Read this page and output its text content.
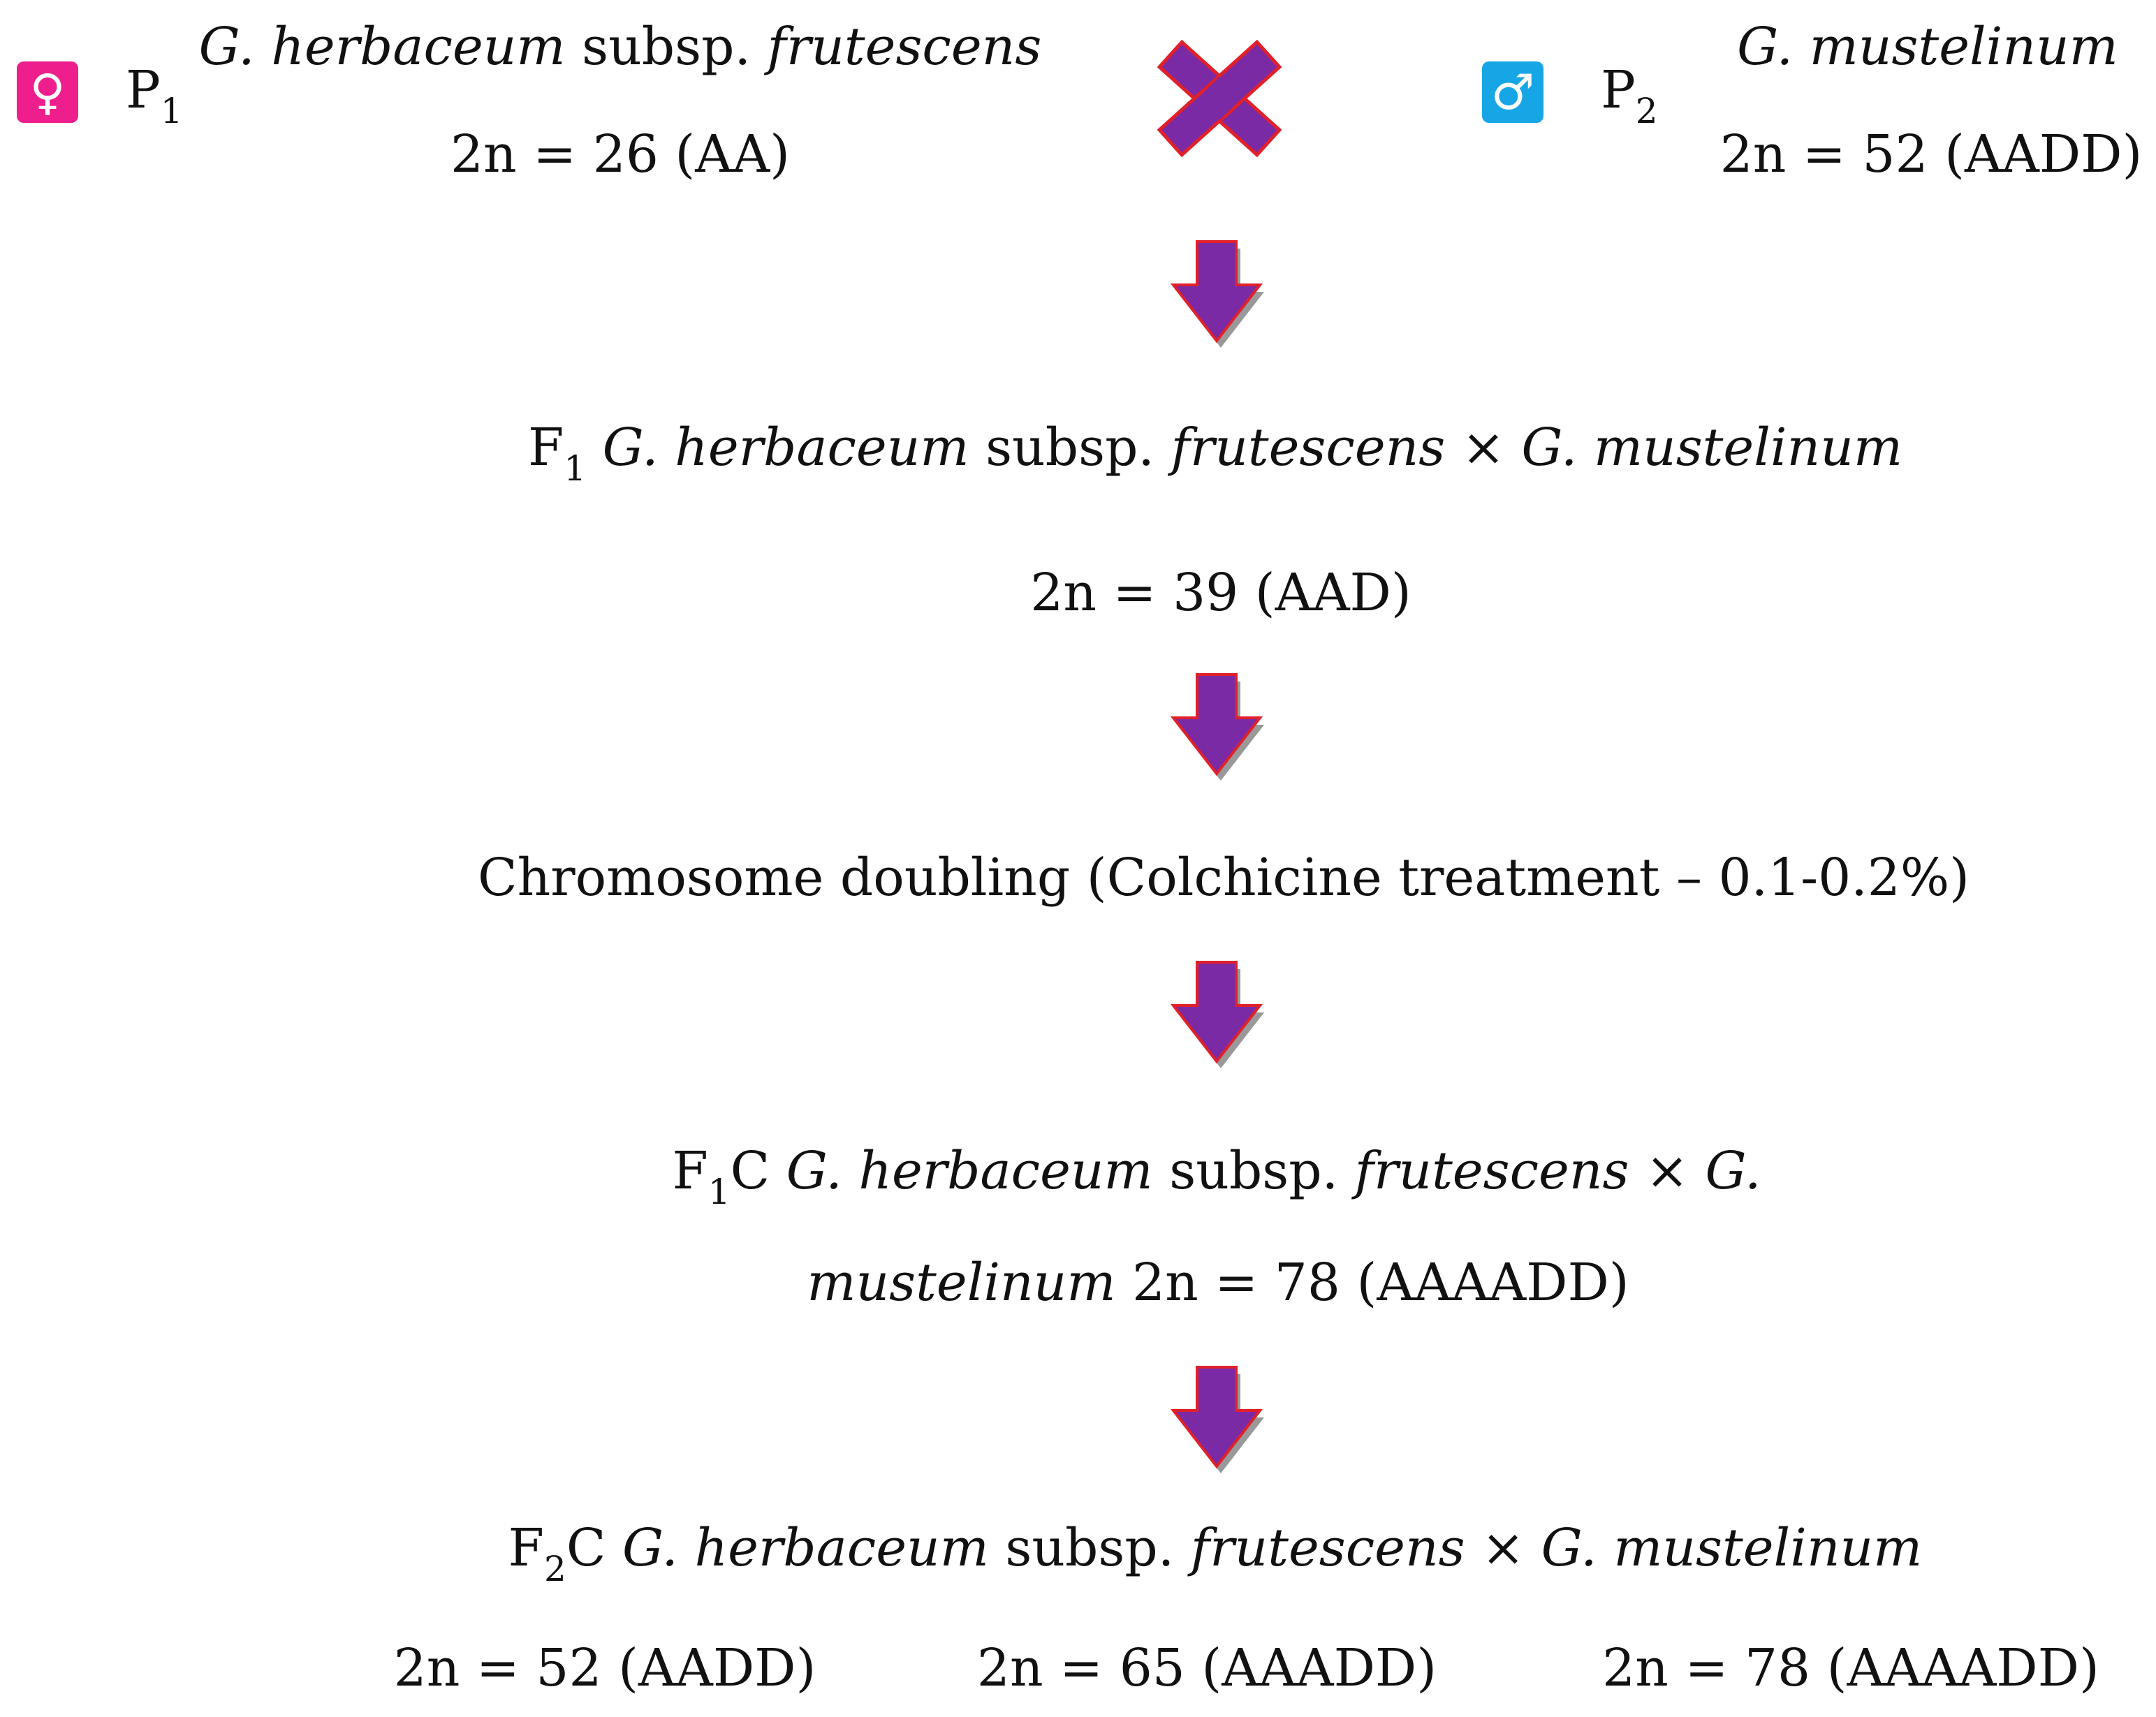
♀ $P_1$
G. herbaceum subsp. frutescens
2n = 26 (AA)
♂ $P_2$
G. mustelinum
2n = 52 (AADD)
$F_1$ G. herbaceum subsp. frutescens × G. mustelinum
2n = 39 (AAD)
Chromosome doubling (Colchicine treatment – 0.1-0.2%)
$F_1C$ G. herbaceum subsp. frutescens × G.
mustelinum 2n = 78 (AAAADD)
$F_2C$ G. herbaceum subsp. frutescens × G. mustelinum
2n = 52 (AADD)	2n = 65 (AAADD)	2n = 78 (AAAADD)
